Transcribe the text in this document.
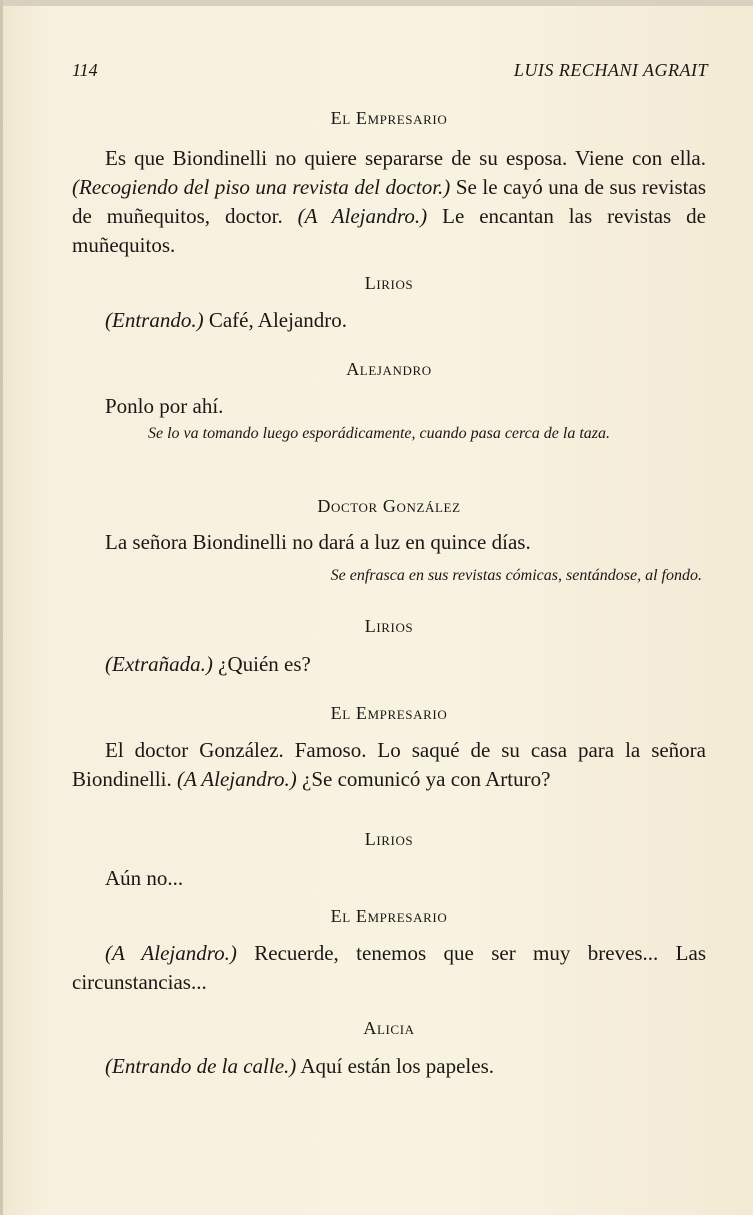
114	LUIS RECHANI AGRAIT

El Empresario

Es que Biondinelli no quiere separarse de su esposa. Viene con ella. (Recogiendo del piso una revista del doctor.) Se le cayó una de sus revistas de muñequitos, doctor. (A Alejandro.) Le encantan las revistas de muñequitos.

Lirios

(Entrando.) Café, Alejandro.

Alejandro

Ponlo por ahí.

Se lo va tomando luego esporádicamente, cuando pasa cerca de la taza.

Doctor González

La señora Biondinelli no dará a luz en quince días.

Se enfrasca en sus revistas cómicas, sentándose, al fondo.

Lirios

(Extrañada.) ¿Quién es?

El Empresario

El doctor González. Famoso. Lo saqué de su casa para la señora Biondinelli. (A Alejandro.) ¿Se comunicó ya con Arturo?

Lirios

Aún no...

El Empresario

(A Alejandro.) Recuerde, tenemos que ser muy breves... Las circunstancias...

Alicia

(Entrando de la calle.) Aquí están los papeles.
